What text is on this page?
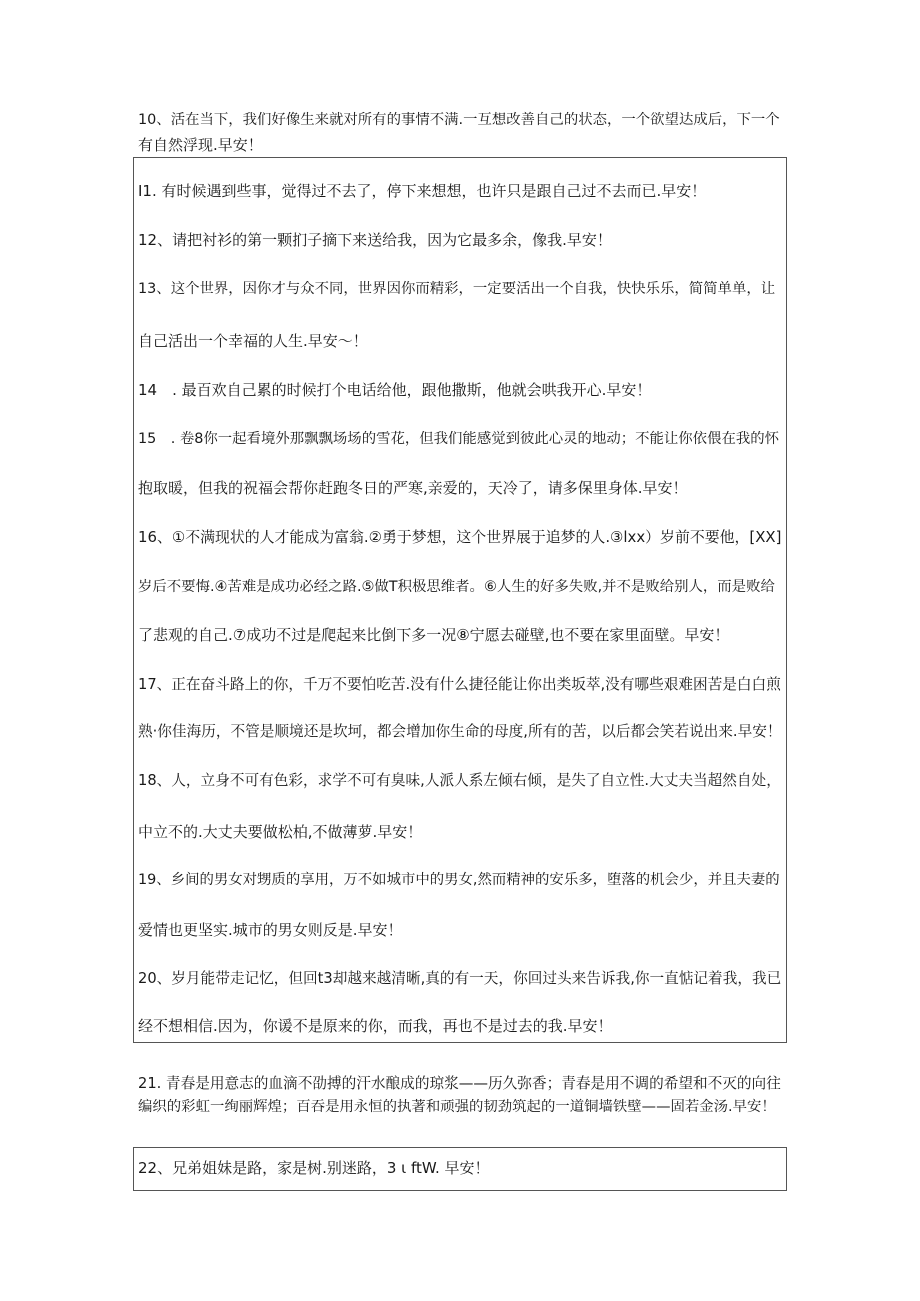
10、活在当下，我们好像生来就对所有的事情不满.一互想改善自己的状态，一个欲望达成后，下一个
有自然浮现.早安！
I1. 有时候遇到些事，觉得过不去了，停下来想想，也许只是跟自己过不去而已.早安！
12、请把衬衫的第一颗扪子摘下来送给我，因为它最多余，像我.早安！
13、这个世界，因你才与众不同，世界因你而精彩，一定要活出一个自我，快快乐乐，简简单单，让
自己活出一个幸福的人生.早安〜！
14　. 最百欢自己累的时候打个电话给他，跟他撒斯，他就会哄我开心.早安！
15　. 卷8你一起看境外那飘飘场场的雪花，但我们能感觉到彼此心灵的地动；不能让你依偎在我的怀
抱取暖，但我的祝福会帮你赶跑冬日的严寒,亲爱的，天冷了，请多保里身体.早安！
16、①不满现状的人才能成为富翁.②勇于梦想，这个世界展于追梦的人.③lxx）岁前不要他，[XX]
岁后不要悔.④苦难是成功必经之路.⑤做T积极思维者。⑥人生的好多失败,并不是败给别人，而是败给
了悲观的自己.⑦成功不过是爬起来比倒下多一况⑧宁愿去碰壁,也不要在家里面壁。早安！
17、正在奋斗路上的你，千万不要怕吃苦.没有什么捷径能让你出类坂萃,没有哪些艰难困苦是白白煎
熟·你佳海历，不管是顺境还是坎坷，都会增加你生命的母度,所有的苦，以后都会笑若说出来.早安！
18、人，立身不可有色彩，求学不可有臭味,人派人系左倾右倾，是失了自立性.大丈夫当超然自处，
中立不的.大丈夫要做松柏,不做薄萝.早安！
19、乡间的男女对甥质的享用，万不如城市中的男女,然而精神的安乐多，堕落的机会少，并且夫妻的
爱情也更坚实.城市的男女则反是.早安！
20、岁月能带走记忆，但回t3却越来越清晰,真的有一天，你回过头来告诉我,你一直惦记着我，我已
经不想相信.因为，你谖不是原来的你，而我，再也不是过去的我.早安！
21. 青春是用意志的血滴不劭搏的汗水酿成的琼浆——历久弥香；青春是用不调的希望和不灭的向往
编织的彩虹一绚丽辉煌；百吞是用永恒的执著和顽强的韧劲筑起的一道铜墙铁壁——固若金汤.早安！
22、兄弟姐妹是路，家是树.别迷路，3 ι ftW. 早安！
